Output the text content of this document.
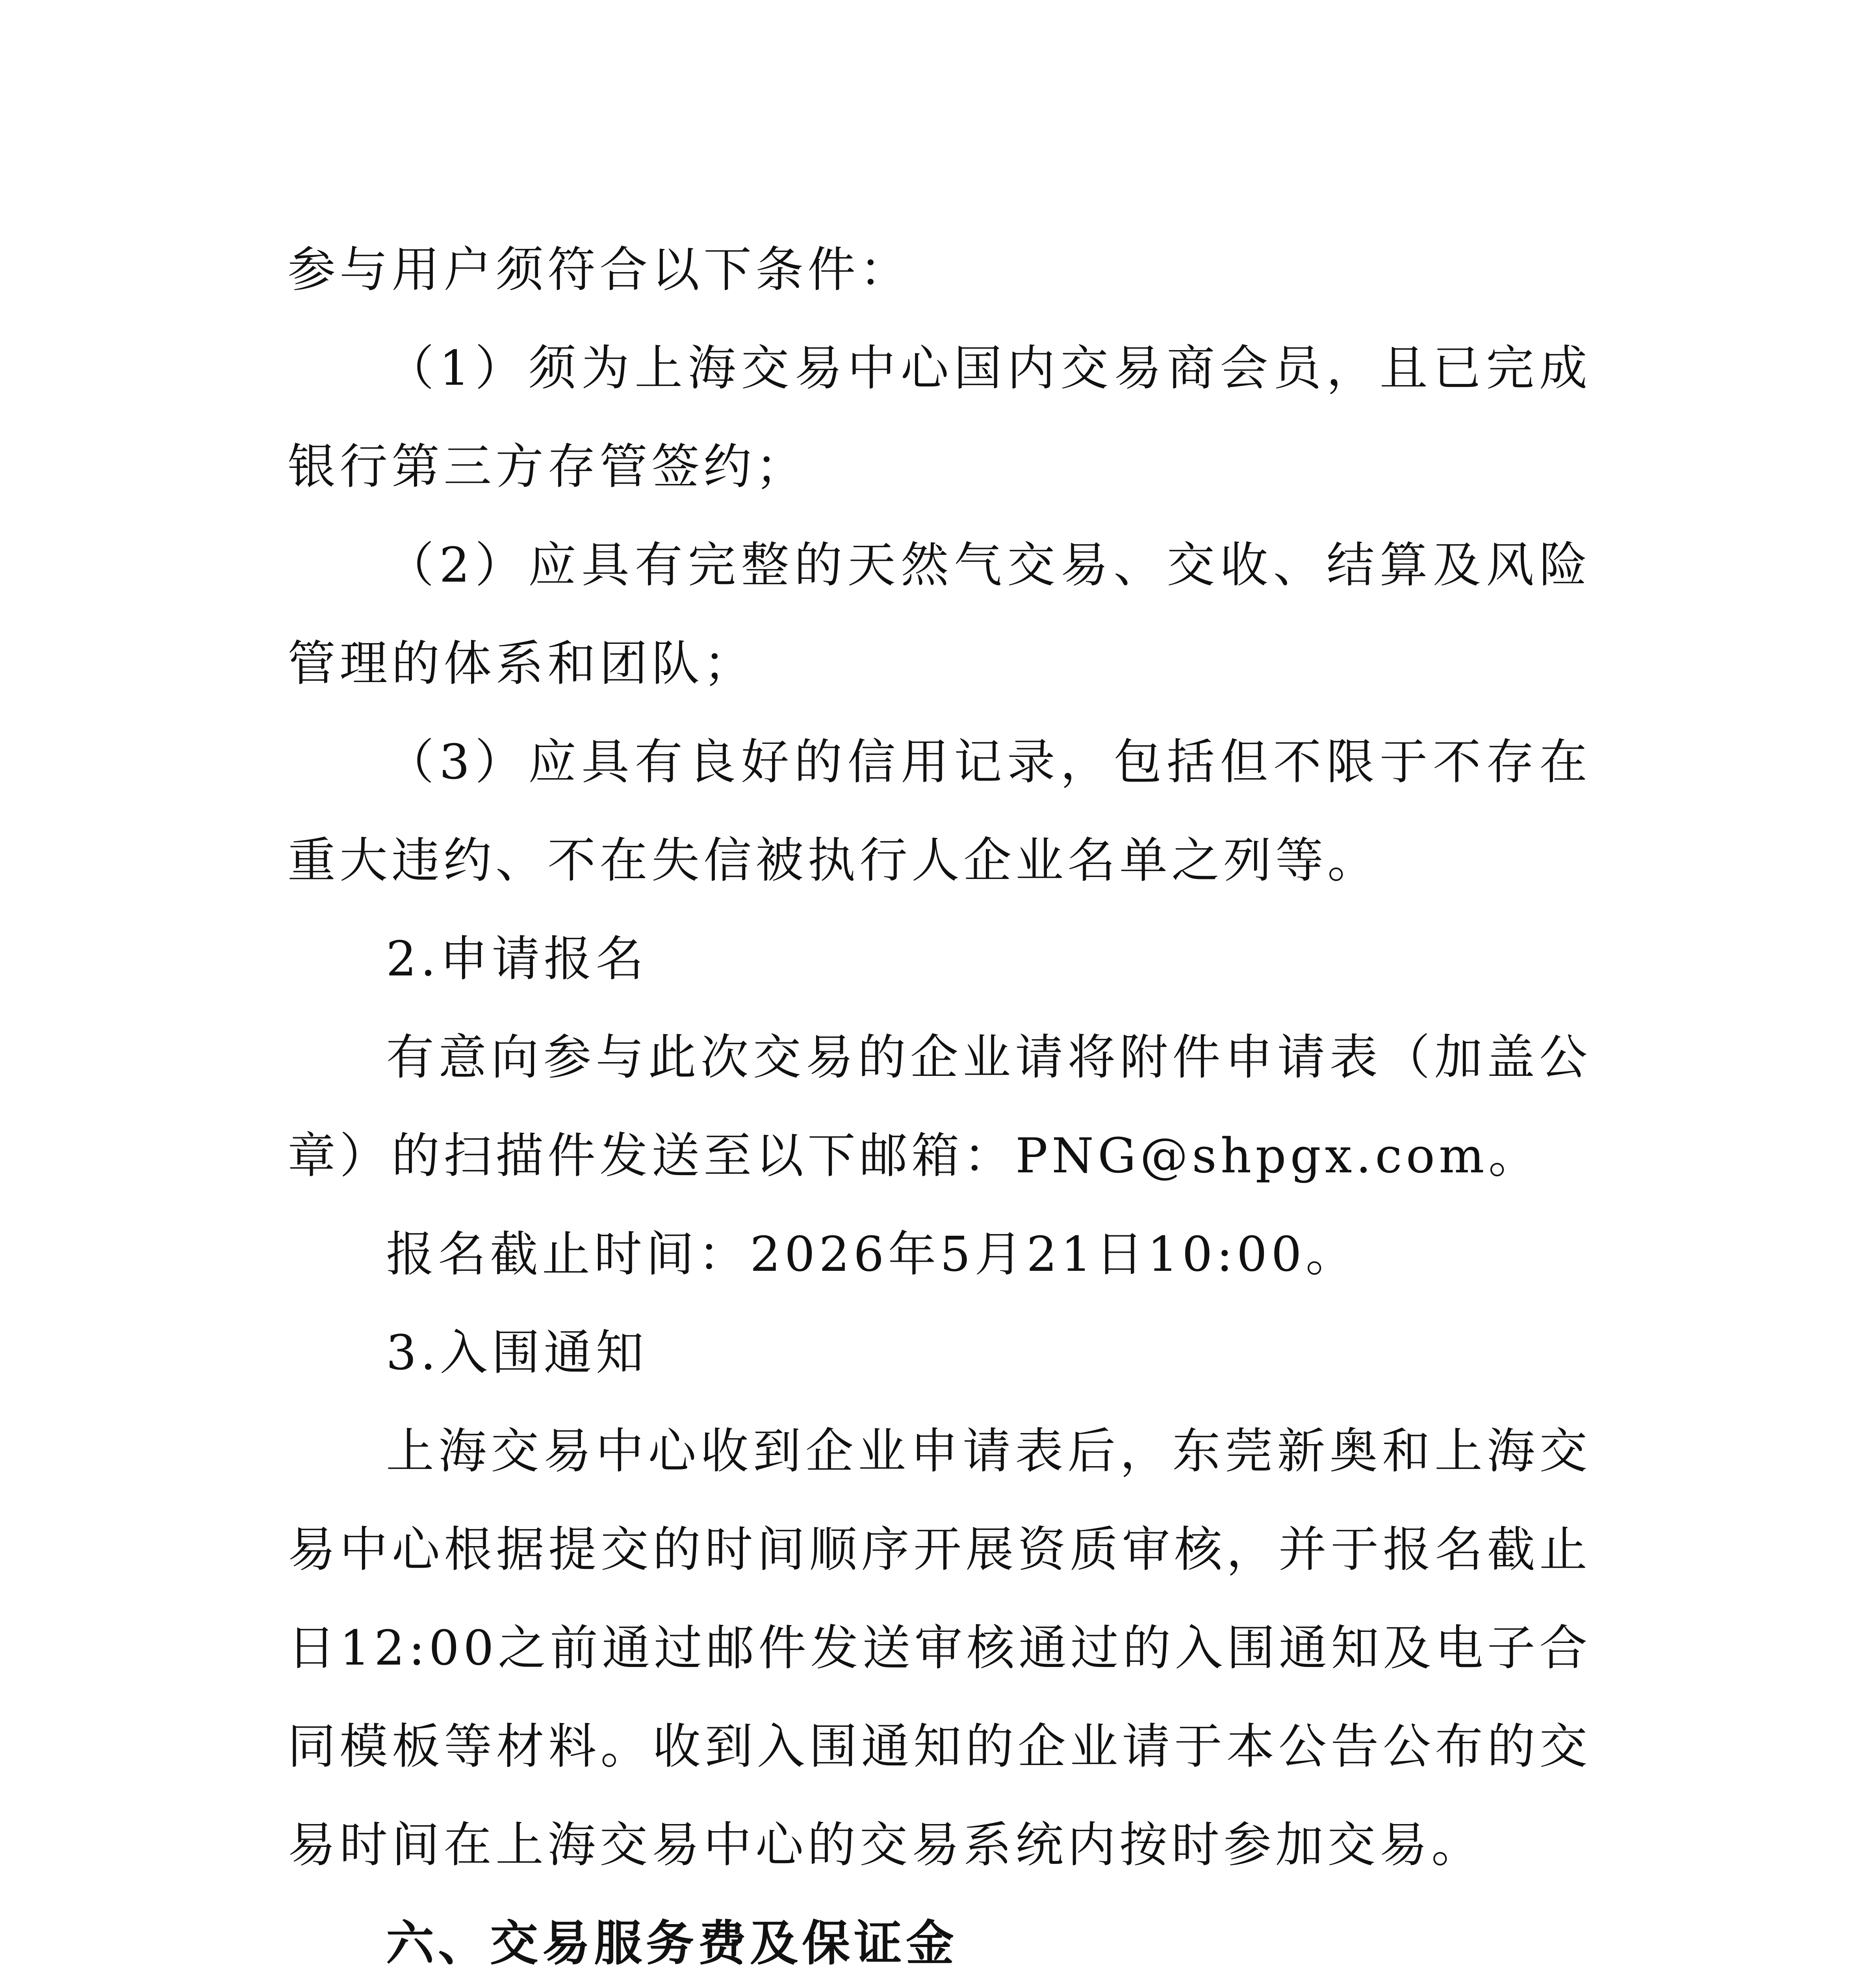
参与用户须符合以下条件：

（1）须为上海交易中心国内交易商会员，且已完成银行第三方存管签约；

（2）应具有完整的天然气交易、交收、结算及风险管理的体系和团队；

（3）应具有良好的信用记录，包括但不限于不存在重大违约、不在失信被执行人企业名单之列等。

2.申请报名

有意向参与此次交易的企业请将附件申请表（加盖公章）的扫描件发送至以下邮箱：PNG@shpgx.com。

报名截止时间：2026年5月21日10:00。

3.入围通知

上海交易中心收到企业申请表后，东莞新奥和上海交易中心根据提交的时间顺序开展资质审核，并于报名截止日12:00之前通过邮件发送审核通过的入围通知及电子合同模板等材料。收到入围通知的企业请于本公告公布的交易时间在上海交易中心的交易系统内按时参加交易。

六、交易服务费及保证金
